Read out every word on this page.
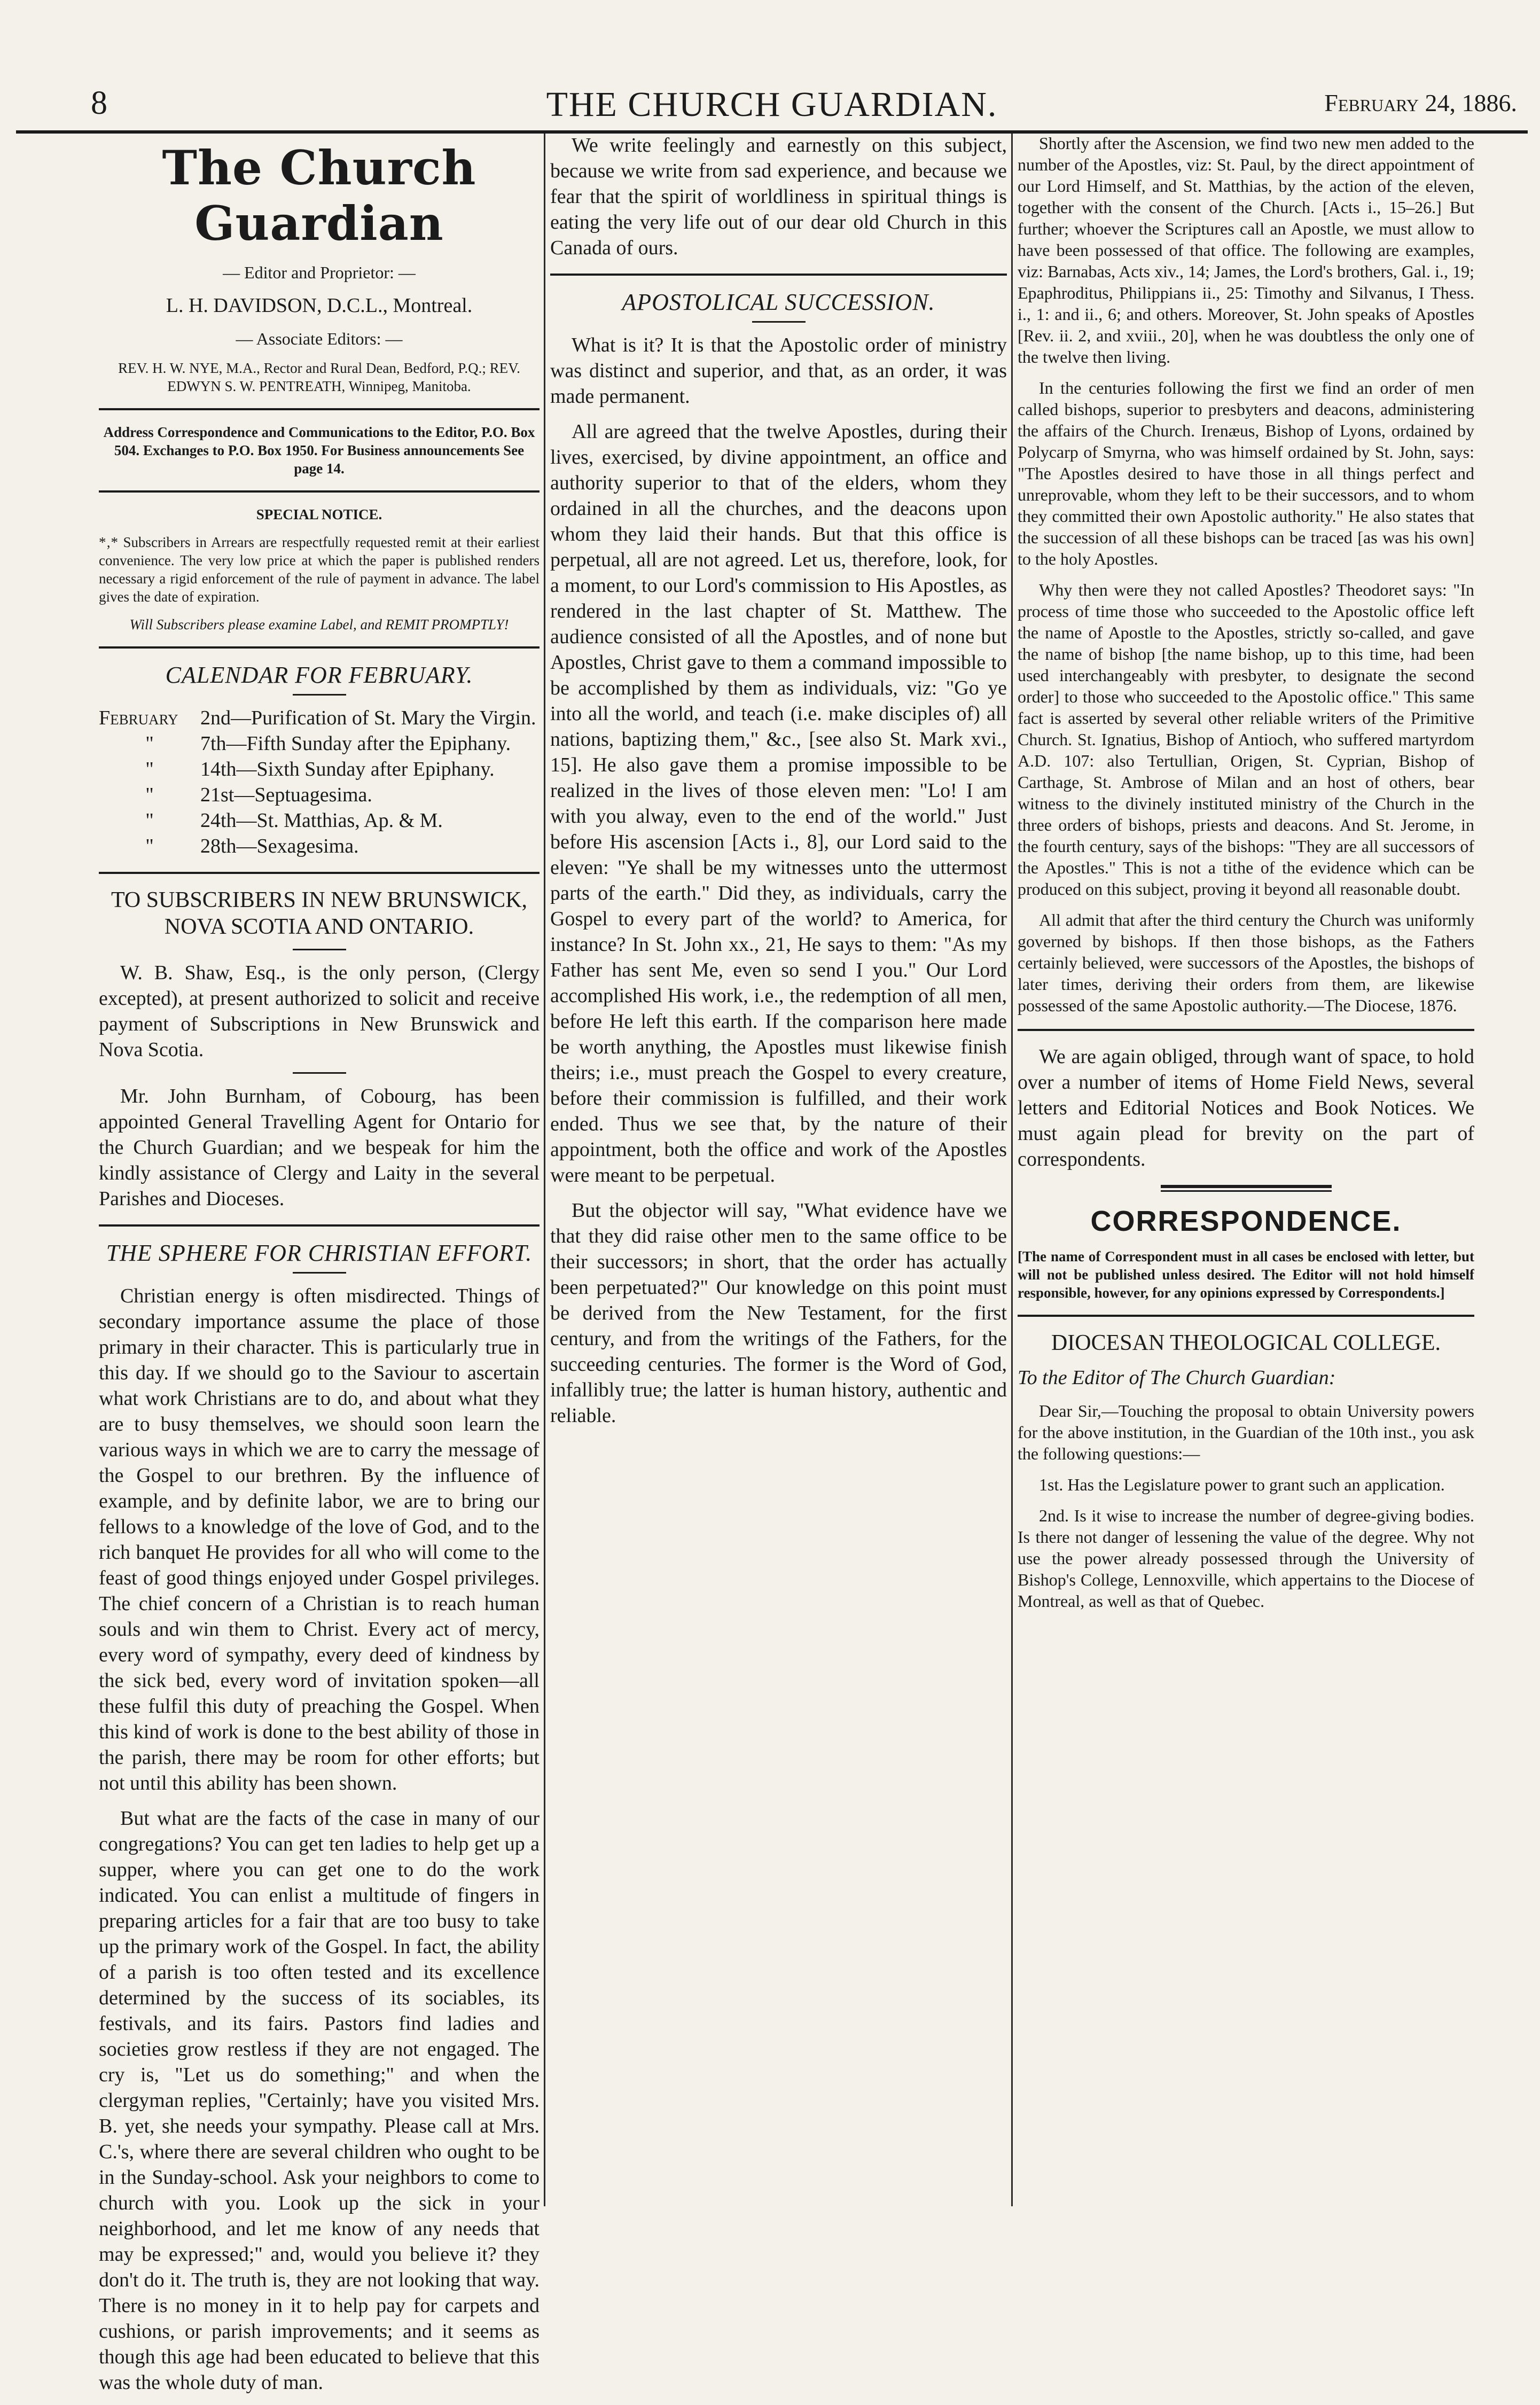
8	THE CHURCH GUARDIAN.	February 24, 1886.
The Church Guardian

— Editor and Proprietor: —

L. H. DAVIDSON, D.C.L., Montreal.

— Associate Editors: —

REV. H. W. NYE, M.A., Rector and Rural Dean, Bedford, P.Q.; REV. EDWYN S. W. PENTREATH, Winnipeg, Manitoba.

Address Correspondence and Communications to the Editor, P.O. Box 504. Exchanges to P.O. Box 1950. For Business announcements See page 14.

SPECIAL NOTICE.

*‚* Subscribers in Arrears are respectfully requested remit at their earliest convenience. The very low price at which the paper is published renders necessary a rigid enforcement of the rule of payment in advance. The label gives the date of expiration.

Will Subscribers please examine Label, and REMIT PROMPTLY!

CALENDAR FOR FEBRUARY.
February	2nd—Purification of St. Mary the Virgin.
"	7th—Fifth Sunday after the Epiphany.
"	14th—Sixth Sunday after Epiphany.
"	21st—Septuagesima.
"	24th—St. Matthias, Ap. & M.
"	28th—Sexagesima.
TO SUBSCRIBERS IN NEW BRUNSWICK, NOVA SCOTIA AND ONTARIO.

W. B. Shaw, Esq., is the only person, (Clergy excepted), at present authorized to solicit and receive payment of Subscriptions in New Brunswick and Nova Scotia.

Mr. John Burnham, of Cobourg, has been appointed General Travelling Agent for Ontario for the Church Guardian; and we bespeak for him the kindly assistance of Clergy and Laity in the several Parishes and Dioceses.

THE SPHERE FOR CHRISTIAN EFFORT.

Christian energy is often misdirected. Things of secondary importance assume the place of those primary in their character. This is particularly true in this day. If we should go to the Saviour to ascertain what work Christians are to do, and about what they are to busy themselves, we should soon learn the various ways in which we are to carry the message of the Gospel to our brethren. By the influence of example, and by definite labor, we are to bring our fellows to a knowledge of the love of God, and to the rich banquet He provides for all who will come to the feast of good things enjoyed under Gospel privileges. The chief concern of a Christian is to reach human souls and win them to Christ. Every act of mercy, every word of sympathy, every deed of kindness by the sick bed, every word of invitation spoken—all these fulfil this duty of preaching the Gospel. When this kind of work is done to the best ability of those in the parish, there may be room for other efforts; but not until this ability has been shown.

But what are the facts of the case in many of our congregations? You can get ten ladies to help get up a supper, where you can get one to do the work indicated. You can enlist a multitude of fingers in preparing articles for a fair that are too busy to take up the primary work of the Gospel. In fact, the ability of a parish is too often tested and its excellence determined by the success of its sociables, its festivals, and its fairs. Pastors find ladies and societies grow restless if they are not engaged. The cry is, "Let us do something;" and when the clergyman replies, "Certainly; have you visited Mrs. B. yet, she needs your sympathy. Please call at Mrs. C.'s, where there are several children who ought to be in the Sunday-school. Ask your neighbors to come to church with you. Look up the sick in your neighborhood, and let me know of any needs that may be expressed;" and, would you believe it? they don't do it. The truth is, they are not looking that way. There is no money in it to help pay for carpets and cushions, or parish improvements; and it seems as though this age had been educated to believe that this was the whole duty of man.

We write feelingly and earnestly on this subject, because we write from sad experience, and because we fear that the spirit of worldliness in spiritual things is eating the very life out of our dear old Church in this Canada of ours.

APOSTOLICAL SUCCESSION.

What is it? It is that the Apostolic order of ministry was distinct and superior, and that, as an order, it was made permanent.

All are agreed that the twelve Apostles, during their lives, exercised, by divine appointment, an office and authority superior to that of the elders, whom they ordained in all the churches, and the deacons upon whom they laid their hands. But that this office is perpetual, all are not agreed. Let us, therefore, look, for a moment, to our Lord's commission to His Apostles, as rendered in the last chapter of St. Matthew. The audience consisted of all the Apostles, and of none but Apostles, Christ gave to them a command impossible to be accomplished by them as individuals, viz: "Go ye into all the world, and teach (i.e. make disciples of) all nations, baptizing them," &c., [see also St. Mark xvi., 15]. He also gave them a promise impossible to be realized in the lives of those eleven men: "Lo! I am with you alway, even to the end of the world." Just before His ascension [Acts i., 8], our Lord said to the eleven: "Ye shall be my witnesses unto the uttermost parts of the earth." Did they, as individuals, carry the Gospel to every part of the world? to America, for instance? In St. John xx., 21, He says to them: "As my Father has sent Me, even so send I you." Our Lord accomplished His work, i.e., the redemption of all men, before He left this earth. If the comparison here made be worth anything, the Apostles must likewise finish theirs; i.e., must preach the Gospel to every creature, before their commission is fulfilled, and their work ended. Thus we see that, by the nature of their appointment, both the office and work of the Apostles were meant to be perpetual.

But the objector will say, "What evidence have we that they did raise other men to the same office to be their successors; in short, that the order has actually been perpetuated?" Our knowledge on this point must be derived from the New Testament, for the first century, and from the writings of the Fathers, for the succeeding centuries. The former is the Word of God, infallibly true; the latter is human history, authentic and reliable.

Shortly after the Ascension, we find two new men added to the number of the Apostles, viz: St. Paul, by the direct appointment of our Lord Himself, and St. Matthias, by the action of the eleven, together with the consent of the Church. [Acts i., 15–26.] But further; whoever the Scriptures call an Apostle, we must allow to have been possessed of that office. The following are examples, viz: Barnabas, Acts xiv., 14; James, the Lord's brothers, Gal. i., 19; Epaphroditus, Philippians ii., 25: Timothy and Silvanus, I Thess. i., 1: and ii., 6; and others. Moreover, St. John speaks of Apostles [Rev. ii. 2, and xviii., 20], when he was doubtless the only one of the twelve then living.

In the centuries following the first we find an order of men called bishops, superior to presbyters and deacons, administering the affairs of the Church. Irenæus, Bishop of Lyons, ordained by Polycarp of Smyrna, who was himself ordained by St. John, says: "The Apostles desired to have those in all things perfect and unreprovable, whom they left to be their successors, and to whom they committed their own Apostolic authority." He also states that the succession of all these bishops can be traced [as was his own] to the holy Apostles.

Why then were they not called Apostles? Theodoret says: "In process of time those who succeeded to the Apostolic office left the name of Apostle to the Apostles, strictly so-called, and gave the name of bishop [the name bishop, up to this time, had been used interchangeably with presbyter, to designate the second order] to those who succeeded to the Apostolic office." This same fact is asserted by several other reliable writers of the Primitive Church. St. Ignatius, Bishop of Antioch, who suffered martyrdom A.D. 107: also Tertullian, Origen, St. Cyprian, Bishop of Carthage, St. Ambrose of Milan and an host of others, bear witness to the divinely instituted ministry of the Church in the three orders of bishops, priests and deacons. And St. Jerome, in the fourth century, says of the bishops: "They are all successors of the Apostles." This is not a tithe of the evidence which can be produced on this subject, proving it beyond all reasonable doubt.

All admit that after the third century the Church was uniformly governed by bishops. If then those bishops, as the Fathers certainly believed, were successors of the Apostles, the bishops of later times, deriving their orders from them, are likewise possessed of the same Apostolic authority.—The Diocese, 1876.

We are again obliged, through want of space, to hold over a number of items of Home Field News, several letters and Editorial Notices and Book Notices. We must again plead for brevity on the part of correspondents.

CORRESPONDENCE.

[The name of Correspondent must in all cases be enclosed with letter, but will not be published unless desired. The Editor will not hold himself responsible, however, for any opinions expressed by Correspondents.]

DIOCESAN THEOLOGICAL COLLEGE.

To the Editor of The Church Guardian:

Dear Sir,—Touching the proposal to obtain University powers for the above institution, in the Guardian of the 10th inst., you ask the following questions:—

1st. Has the Legislature power to grant such an application.

2nd. Is it wise to increase the number of degree-giving bodies. Is there not danger of lessening the value of the degree. Why not use the power already possessed through the University of Bishop's College, Lennoxville, which appertains to the Diocese of Montreal, as well as that of Quebec.
